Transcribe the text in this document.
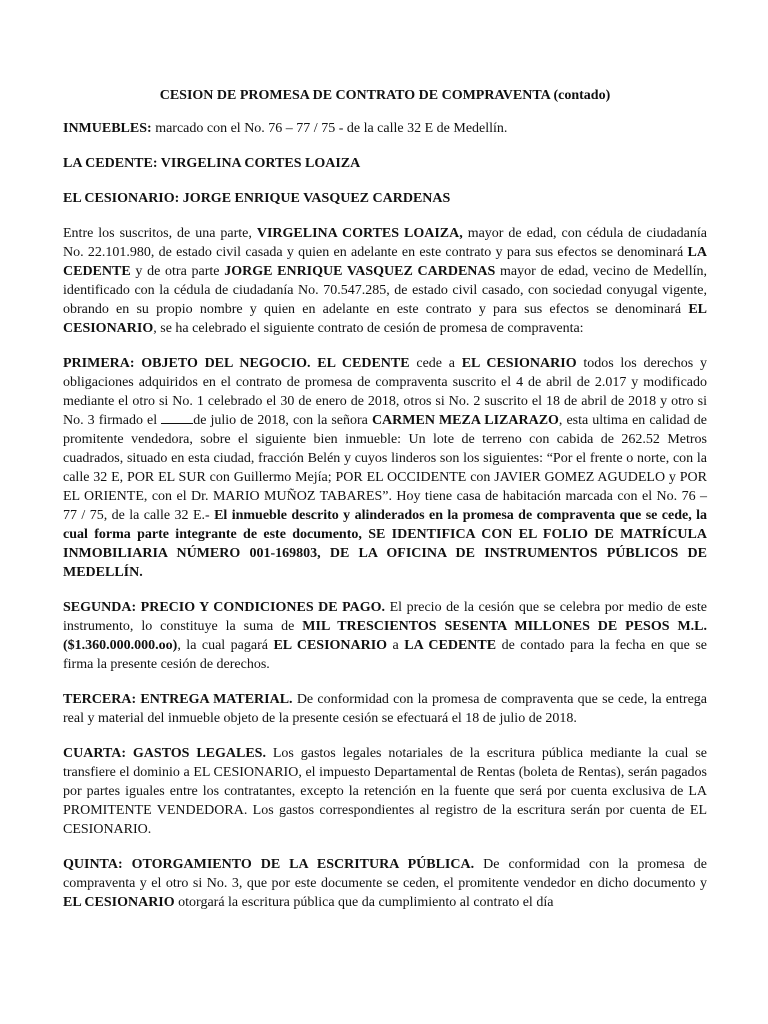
CESION DE PROMESA DE CONTRATO DE COMPRAVENTA (contado)
INMUEBLES: marcado con el No. 76 – 77 / 75 - de la calle 32 E de Medellín.
LA CEDENTE: VIRGELINA CORTES LOAIZA
EL CESIONARIO: JORGE ENRIQUE VASQUEZ CARDENAS

Entre los suscritos, de una parte, VIRGELINA CORTES LOAIZA, mayor de edad, con cédula de ciudadanía No. 22.101.980, de estado civil casada y quien en adelante en este contrato y para sus efectos se denominará LA CEDENTE y de otra parte JORGE ENRIQUE VASQUEZ CARDENAS mayor de edad, vecino de Medellín, identificado con la cédula de ciudadanía No. 70.547.285, de estado civil casado, con sociedad conyugal vigente, obrando en su propio nombre y quien en adelante en este contrato y para sus efectos se denominará EL CESIONARIO, se ha celebrado el siguiente contrato de cesión de promesa de compraventa:

PRIMERA: OBJETO DEL NEGOCIO. EL CEDENTE cede a EL CESIONARIO todos los derechos y obligaciones adquiridos en el contrato de promesa de compraventa suscrito el 4 de abril de 2.017 y modificado mediante el otro si No. 1 celebrado el 30 de enero de 2018, otros si No. 2 suscrito el 18 de abril de 2018 y otro si No. 3 firmado el de julio de 2018, con la señora CARMEN MEZA LIZARAZO, esta ultima en calidad de promitente vendedora, sobre el siguiente bien inmueble: Un lote de terreno con cabida de 262.52 Metros cuadrados, situado en esta ciudad, fracción Belén y cuyos linderos son los siguientes: “Por el frente o norte, con la calle 32 E, POR EL SUR con Guillermo Mejía; POR EL OCCIDENTE con JAVIER GOMEZ AGUDELO y POR EL ORIENTE, con el Dr. MARIO MUÑOZ TABARES”. Hoy tiene casa de habitación marcada con el No. 76 – 77 / 75, de la calle 32 E.- El inmueble descrito y alinderados en la promesa de compraventa que se cede, la cual forma parte integrante de este documento, SE IDENTIFICA CON EL FOLIO DE MATRÍCULA INMOBILIARIA NÚMERO 001-169803, DE LA OFICINA DE INSTRUMENTOS PÚBLICOS DE MEDELLÍN.

SEGUNDA: PRECIO Y CONDICIONES DE PAGO. El precio de la cesión que se celebra por medio de este instrumento, lo constituye la suma de MIL TRESCIENTOS SESENTA MILLONES DE PESOS M.L. ($1.360.000.000.oo), la cual pagará EL CESIONARIO a LA CEDENTE de contado para la fecha en que se firma la presente cesión de derechos.

TERCERA: ENTREGA MATERIAL. De conformidad con la promesa de compraventa que se cede, la entrega real y material del inmueble objeto de la presente cesión se efectuará el 18 de julio de 2018.

CUARTA: GASTOS LEGALES. Los gastos legales notariales de la escritura pública mediante la cual se transfiere el dominio a EL CESIONARIO, el impuesto Departamental de Rentas (boleta de Rentas), serán pagados por partes iguales entre los contratantes, excepto la retención en la fuente que será por cuenta exclusiva de LA PROMITENTE VENDEDORA. Los gastos correspondientes al registro de la escritura serán por cuenta de EL CESIONARIO.

QUINTA: OTORGAMIENTO DE LA ESCRITURA PÚBLICA. De conformidad con la promesa de compraventa y el otro si No. 3, que por este documente se ceden, el promitente vendedor en dicho documento y EL CESIONARIO otorgará la escritura pública que da cumplimiento al contrato el día
